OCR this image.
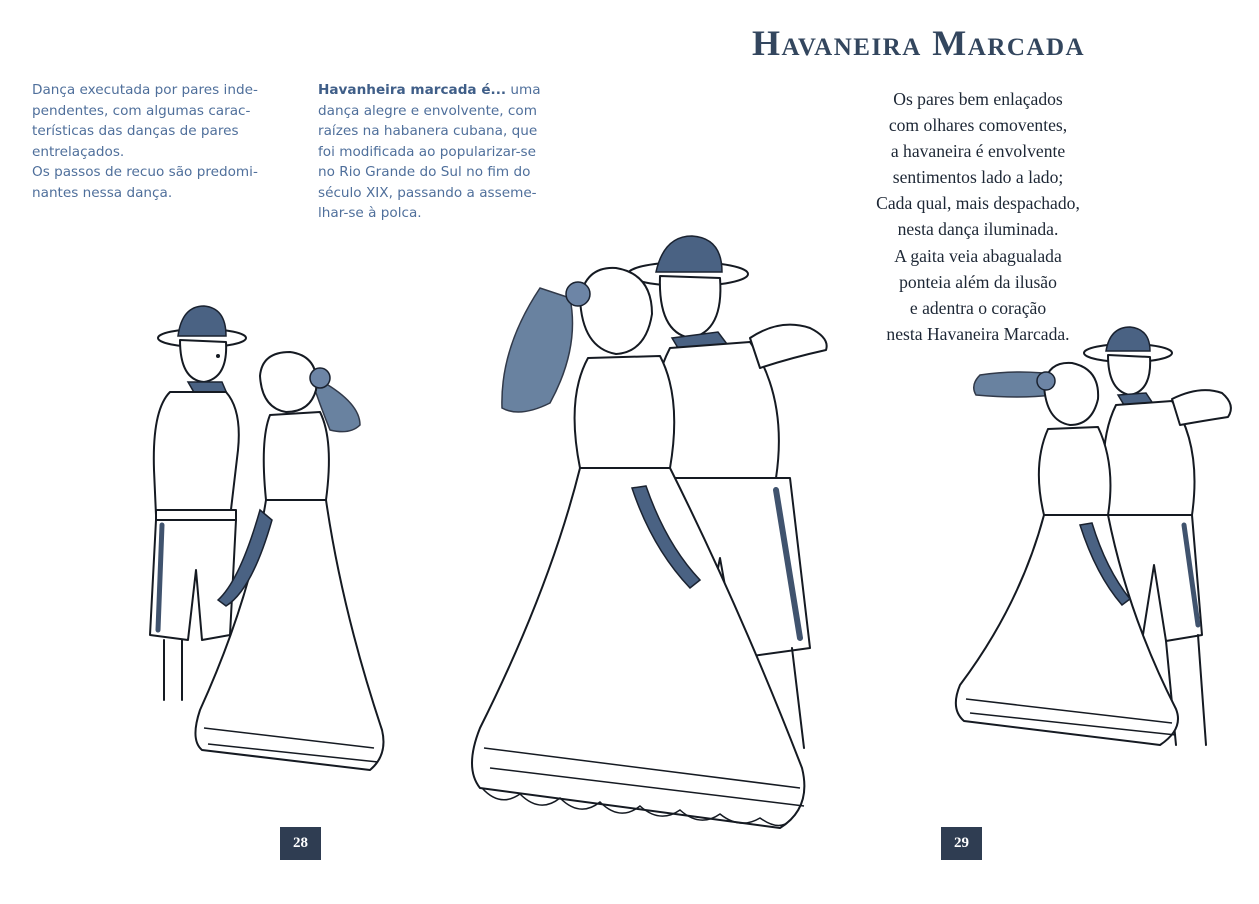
Havaneira Marcada

Dança executada por pares inde-

pendentes, com algumas carac-

terísticas das danças de pares

entrelaçados.

Os passos de recuo são predomi-

nantes nessa dança.

Havanheira marcada é... uma

dança alegre e envolvente, com

raízes na habanera cubana, que

foi modificada ao popularizar-se

no Rio Grande do Sul no fim do

século XIX, passando a asseme-

lhar-se à polca.

Os pares bem enlaçados
com olhares comoventes,
a havaneira é envolvente
sentimentos lado a lado;
Cada qual, mais despachado,
nesta dança iluminada.
A gaita veia abagualada
ponteia além da ilusão
e adentra o coração
nesta Havaneira Marcada.
28	29
